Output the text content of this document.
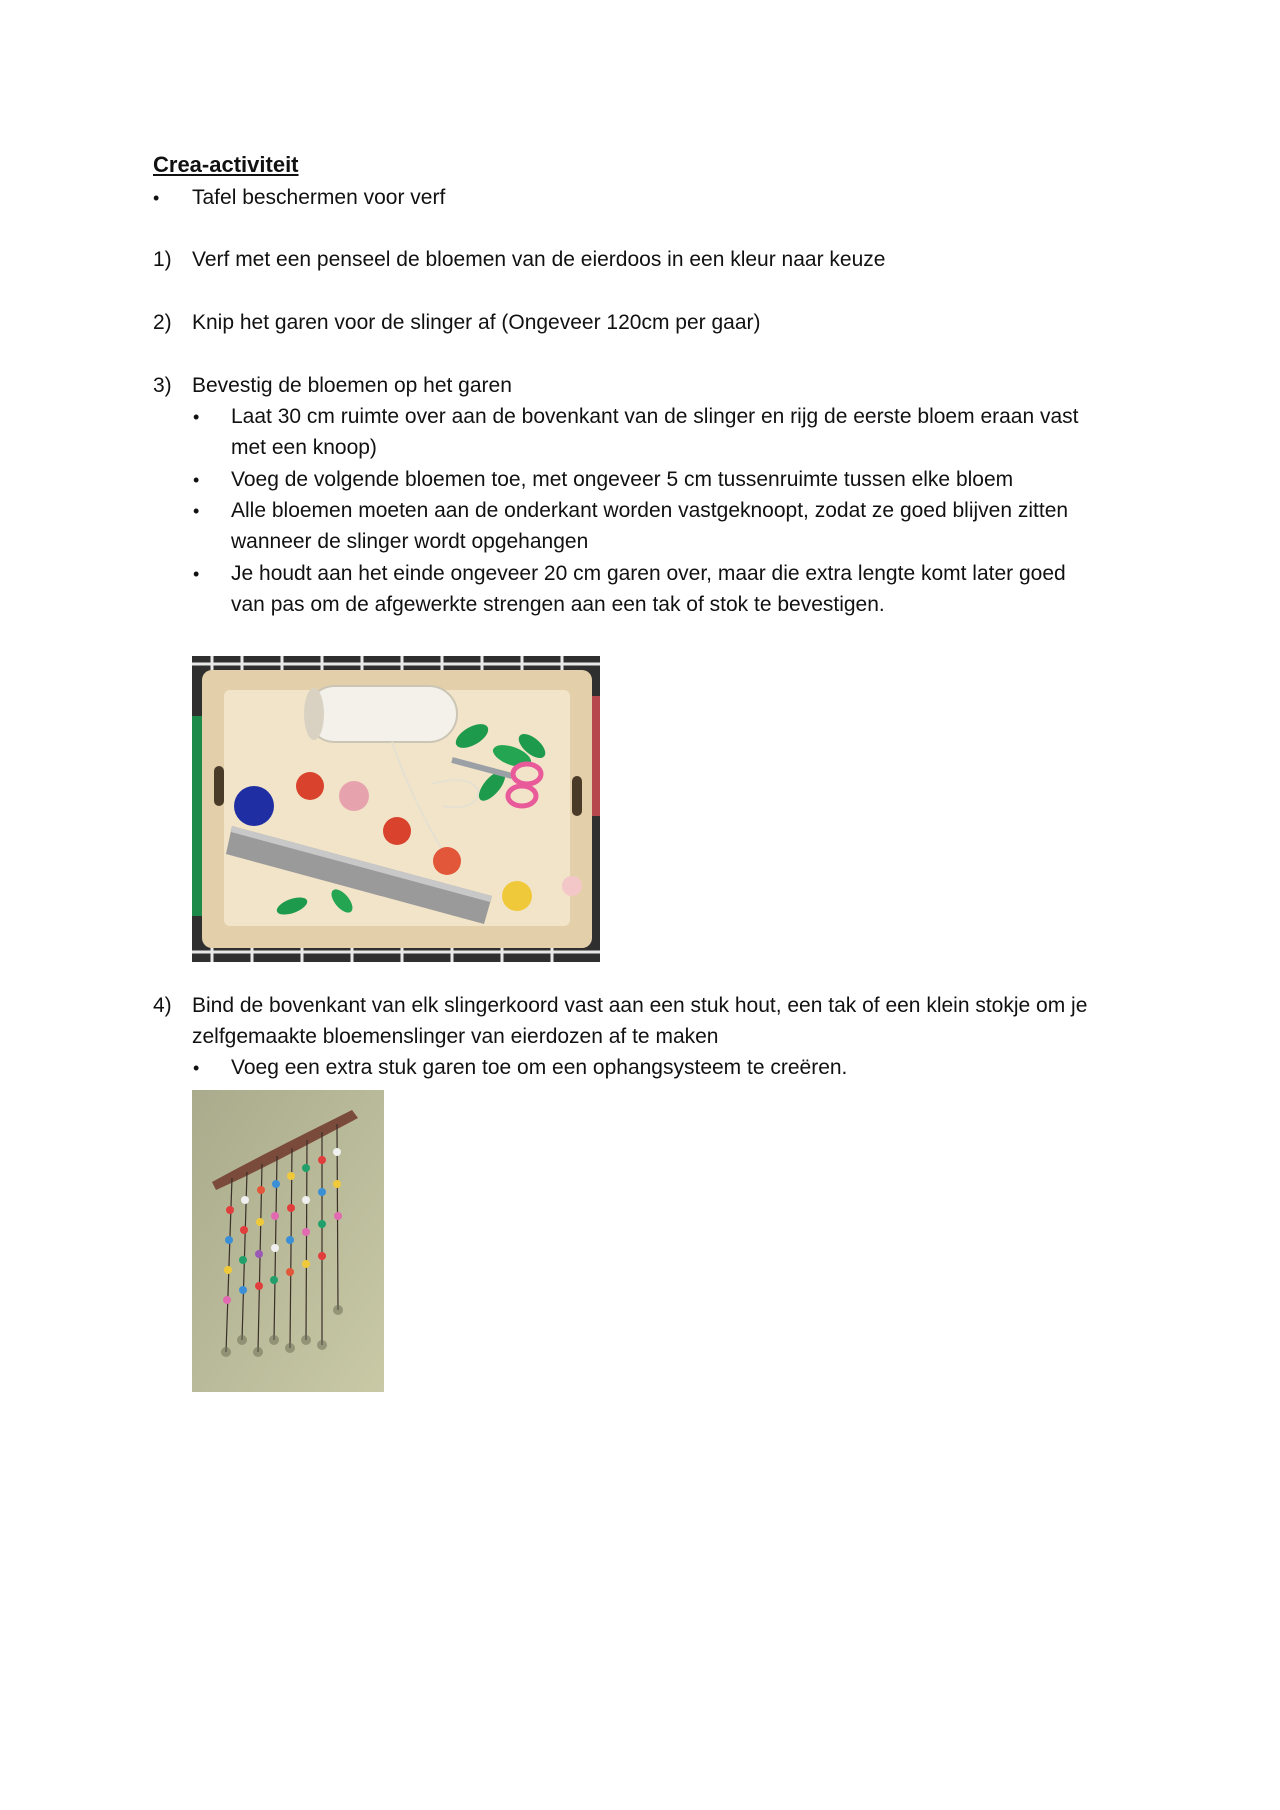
Crea-activiteit
• Tafel beschermen voor verf
1) Verf met een penseel de bloemen van de eierdoos in een kleur naar keuze
2) Knip het garen voor de slinger af (Ongeveer 120cm per gaar)
3) Bevestig de bloemen op het garen
• Laat 30 cm ruimte over aan de bovenkant van de slinger en rijg de eerste bloem eraan vast
met een knoop)
• Voeg de volgende bloemen toe, met ongeveer 5 cm tussenruimte tussen elke bloem
• Alle bloemen moeten aan de onderkant worden vastgeknoopt, zodat ze goed blijven zitten
wanneer de slinger wordt opgehangen
• Je houdt aan het einde ongeveer 20 cm garen over, maar die extra lengte komt later goed
van pas om de afgewerkte strengen aan een tak of stok te bevestigen.
4) Bind de bovenkant van elk slingerkoord vast aan een stuk hout, een tak of een klein stokje om je
zelfgemaakte bloemenslinger van eierdozen af te maken
• Voeg een extra stuk garen toe om een ophangsysteem te creëren.
